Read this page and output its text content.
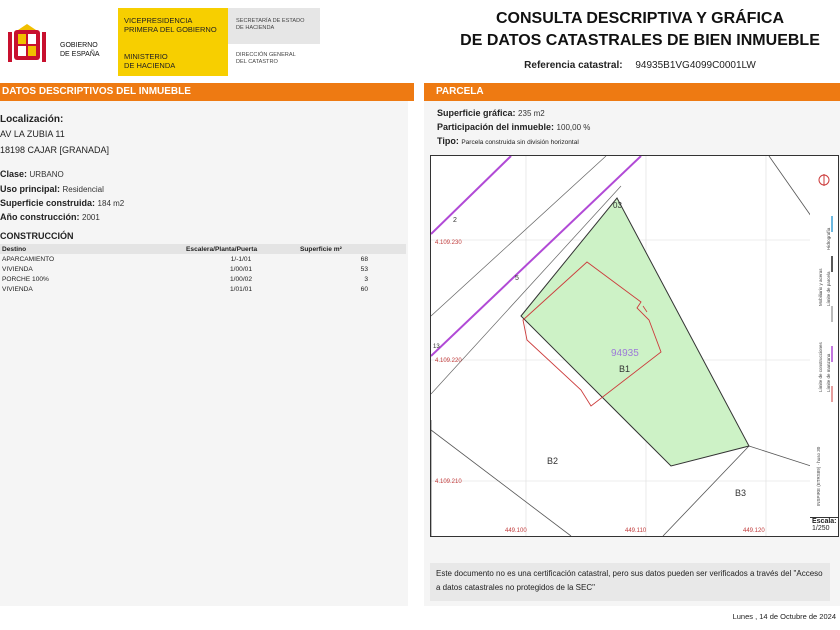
GOBIERNO
DE ESPAÑA
VICEPRESIDENCIA
PRIMERA DEL GOBIERNO
MINISTERIO
DE HACIENDA
SECRETARÍA DE ESTADO
DE HACIENDA
DIRECCIÓN GENERAL
DEL CATASTRO
CONSULTA DESCRIPTIVA Y GRÁFICA
DE DATOS CATASTRALES DE BIEN INMUEBLE
Referencia catastral: 94935B1VG4099C0001LW
DATOS DESCRIPTIVOS DEL INMUEBLE	PARCELA
Localización:
AV LA ZUBIA 11
18198 CAJAR [GRANADA]
Clase: URBANO
Uso principal: Residencial
Superficie construida: 184 m2
Año construcción: 2001
CONSTRUCCIÓN
Destino	Escalera/Planta/Puerta	Superficie m²
APARCAMIENTO	1/-1/01	68
VIVIENDA	1/00/01	53
PORCHE 100%	1/00/02	3
VIVIENDA	1/01/01	60
Superficie gráfica: 235 m2
Participación del inmueble: 100,00 %
Tipo: Parcela construida sin división horizontal
94935
B1
B2
B3
03
2
5
13
4.109.230
4.109.220
4.109.210
449.100	449.110	449.120
Hidrografía
Límite de parcela
Mobiliario y aceras
Límite de manzana
Límite de construcciones
INSPIRE (ETRS89) · huso 30
Escala:
1/250
Este documento no es una certificación catastral, pero sus datos pueden ser verificados a través del "Acceso a datos catastrales no protegidos de la SEC"
Lunes , 14 de Octubre de 2024
